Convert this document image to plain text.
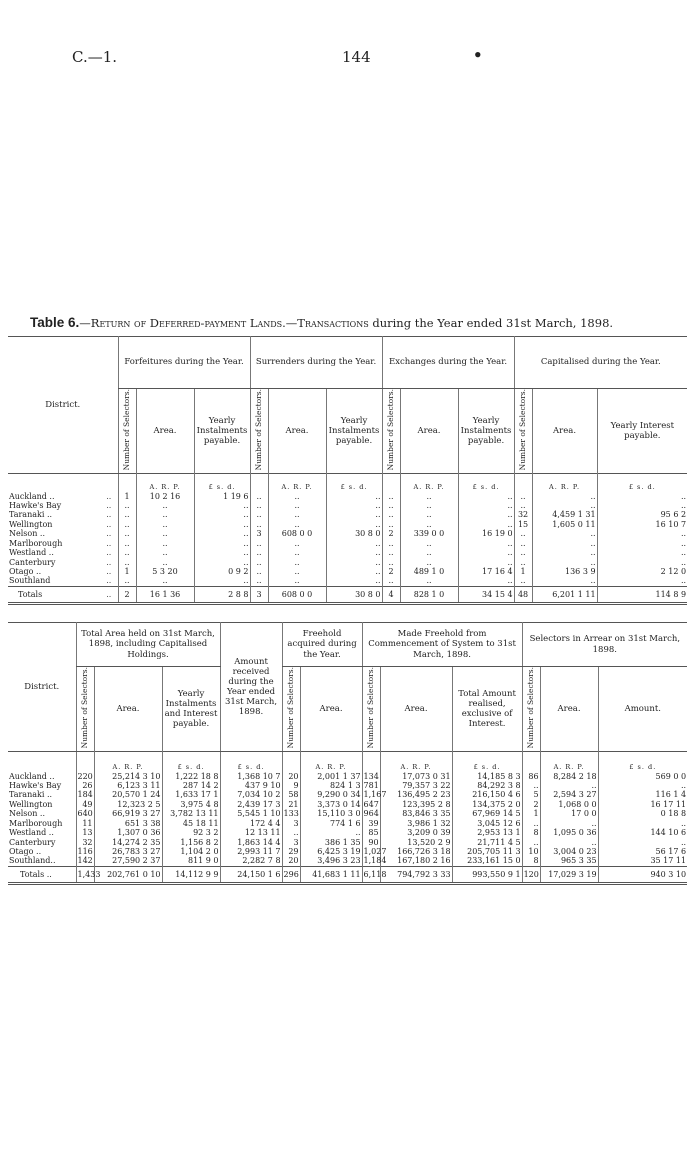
C.—1.	144	•
Table 6.—Return of Deferred-payment Lands.—Transactions during the Year ended 31st March, 1898.
District.		Forfeitures during the Year.			Surrenders during the Year.			Exchanges during the Year.			Capitalised during the Year.		
		Number of Selectors.	Area.	Yearly Instalments payable.	Number of Selectors.	Area.	Yearly Instalments payable.	Number of Selectors.	Area.	Yearly Instalments payable.	Number of Selectors.	Area.	Yearly Interest payable.

			A. R. P.	£ s. d.		A. R. P.	£ s. d.		A. R. P.	£ s. d.		A. R. P.	£ s. d.
Auckland ..	..	1	10 2 16	1 19 6	..	..	..	..	..	..	..	..	..
Hawke's Bay	..	..	..	..	..	..	..	..	..	..	..	..	..
Taranaki ..	..	..	..	..	..	..	..	..	..	..	32	4,459 1 31	95 6 2
Wellington	..	..	..	..	..	..	..	..	..	..	15	1,605 0 11	16 10 7
Nelson ..	..	..	..	..	3	608 0 0	30 8 0	2	339 0 0	16 19 0	..	..	..
Marlborough	..	..	..	..	..	..	..	..	..	..	..	..	..
Westland ..	..	..	..	..	..	..	..	..	..	..	..	..	..
Canterbury	..	..	..	..	..	..	..	..	..	..	..	..	..
Otago ..	..	1	5 3 20	0 9 2	..	..	..	2	489 1 0	17 16 4	1	136 3 9	2 12 0
Southland	..	..	..	..	..	..	..	..	..	..	..	..	..
Totals	..	2	16 1 36	2 8 8	3	608 0 0	30 8 0	4	828 1 0	34 15 4	48	6,201 1 11	114 8 9
District.	Total Area held on 31st March, 1898, including Capitalised Holdings.			Amount received during the Year ended 31st March, 1898.	Freehold acquired during the Year.		Made Freehold from Commencement of System to 31st March, 1898.			Selectors in Arrear on 31st March, 1898.		
	Number of Selectors.	Area.	Yearly Instalments and Interest payable.		Number of Selectors.	Area.	Number of Selectors.	Area.	Total Amount realised, exclusive of Interest.	Number of Selectors.	Area.	Amount.

		A. R. P.	£ s. d.	£ s. d.		A. R. P.		A. R. P.	£ s. d.		A. R. P.	£ s. d.
Auckland ..	220	25,214 3 10	1,222 18 8	1,368 10 7	20	2,001 1 37	134	17,073 0 31	14,185 8 3	86	8,284 2 18	569 0 0
Hawke's Bay	26	6,123 3 11	287 14 2	437 9 10	9	824 1 3	781	79,357 3 22	84,292 3 8	..	..	..
Taranaki ..	184	20,570 1 24	1,633 17 1	7,034 10 2	58	9,290 0 34	1,167	136,495 2 23	216,150 4 6	5	2,594 3 27	116 1 4
Wellington	49	12,323 2 5	3,975 4 8	2,439 17 3	21	3,373 0 14	647	123,395 2 8	134,375 2 0	2	1,068 0 0	16 17 11
Nelson ..	640	66,919 3 27	3,782 13 11	5,545 1 10	133	15,110 3 0	964	83,846 3 35	67,969 14 5	1	17 0 0	0 18 8
Marlborough	11	651 3 38	45 18 11	172 4 4	3	774 1 6	39	3,986 1 32	3,045 12 6	..	..	..
Westland ..	13	1,307 0 36	92 3 2	12 13 11	..	..	85	3,209 0 39	2,953 13 1	8	1,095 0 36	144 10 6
Canterbury	32	14,274 2 35	1,156 8 2	1,863 14 4	3	386 1 35	90	13,520 2 9	21,711 4 5	..	..	..
Otago ..	116	26,783 3 27	1,104 2 0	2,993 11 7	29	6,425 3 19	1,027	166,726 3 18	205,705 11 3	10	3,004 0 23	56 17 6
Southland..	142	27,590 2 37	811 9 0	2,282 7 8	20	3,496 3 23	1,184	167,180 2 16	233,161 15 0	8	965 3 35	35 17 11
Totals ..	1,433	202,761 0 10	14,112 9 9	24,150 1 6	296	41,683 1 11	6,118	794,792 3 33	993,550 9 1	120	17,029 3 19	940 3 10
